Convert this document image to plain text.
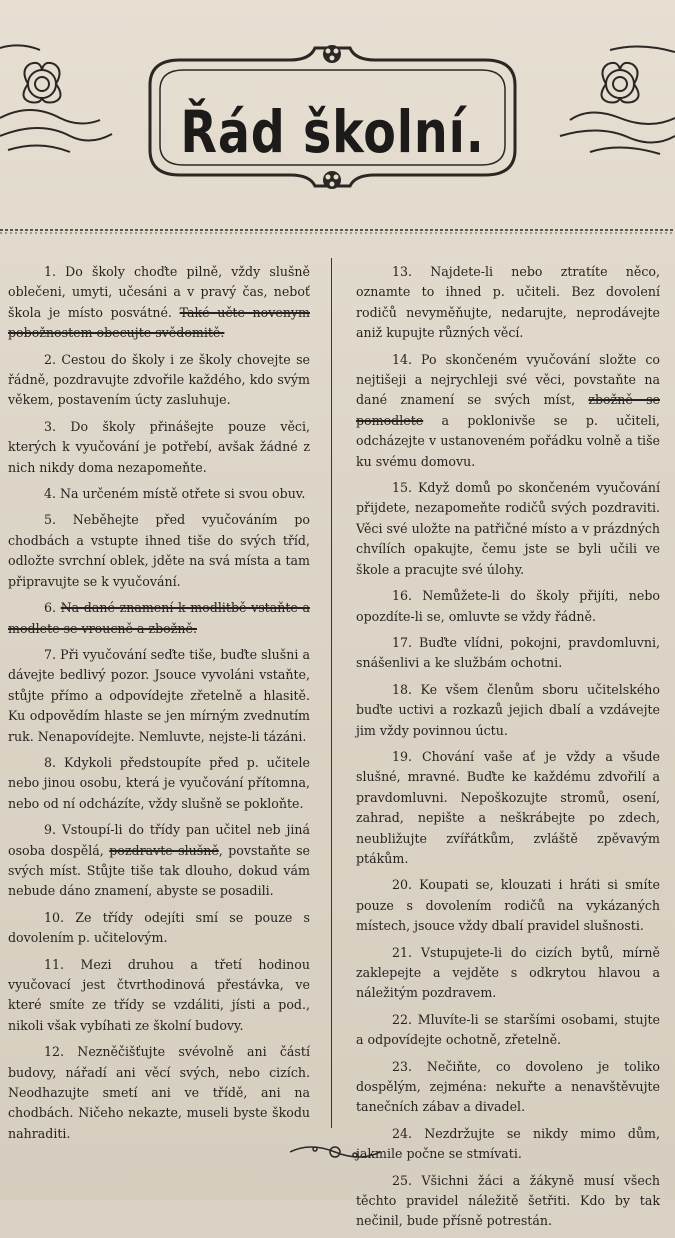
Řád školní.

1. Do školy choďte pilně, vždy slušně oblečeni, umyti, učesáni a v pravý čas, neboť škola je místo posvátné. Také učte novenym pobožnostem obecujte svědomitě.

2. Cestou do školy i ze školy chovejte se řádně, pozdravujte zdvořile každého, kdo svým věkem, postavením úcty zasluhuje.

3. Do školy přinášejte pouze věci, kterých k vyučování je potřebí, avšak žádné z nich nikdy doma nezapomeňte.

4. Na určeném místě otřete si svou obuv.

5. Neběhejte před vyučováním po chodbách a vstupte ihned tiše do svých tříd, odložte svrchní oblek, jděte na svá místa a tam připravujte se k vyučování.

6. Na dané znamení k modlitbě vstaňte a modlete se vroucně a zbožně.

7. Při vyučování seďte tiše, buďte slušni a dávejte bedlivý pozor. Jsouce vyvoláni vstaňte, stůjte přímo a odpovídejte zřetelně a hlasitě. Ku odpovědím hlaste se jen mírným zvednutím ruk. Nenapovídejte. Nemluvte, nejste-li tázáni.

8. Kdykoli předstoupíte před p. učitele nebo jinou osobu, která je vyučování přítomna, nebo od ní odcházíte, vždy slušně se pokloňte.

9. Vstoupí-li do třídy pan učitel neb jiná osoba dospělá, pozdravte slušně, povstaňte se svých míst. Stůjte tiše tak dlouho, dokud vám nebude dáno znamení, abyste se posadili.

10. Ze třídy odejíti smí se pouze s dovolením p. učitelovým.

11. Mezi druhou a třetí hodinou vyučovací jest čtvrthodinová přestávka, ve které smíte ze třídy se vzdáliti, jísti a pod., nikoli však vybíhati ze školní budovy.

12. Nezněčišťujte svévolně ani částí budovy, nářadí ani věcí svých, nebo cizích. Neodhazujte smetí ani ve třídě, ani na chodbách. Ničeho nekazte, museli byste škodu nahraditi.

13. Najdete-li nebo ztratíte něco, oznamte to ihned p. učiteli. Bez dovolení rodičů nevyměňujte, nedarujte, neprodávejte aniž kupujte různých věcí.

14. Po skončeném vyučování složte co nejtišeji a nejrychleji své věci, povstaňte na dané znamení se svých míst, zbožně se pomodlete a poklonivše se p. učiteli, odcházejte v ustanoveném pořádku volně a tiše ku svému domovu.

15. Když domů po skončeném vyučování přijdete, nezapomeňte rodičů svých pozdraviti. Věci své uložte na patřičné místo a v prázdných chvílích opakujte, čemu jste se byli učili ve škole a pracujte své úlohy.

16. Nemůžete-li do školy přijíti, nebo opozdíte-li se, omluvte se vždy řádně.

17. Buďte vlídni, pokojni, pravdomluvni, snášenlivi a ke službám ochotni.

18. Ke všem členům sboru učitelského buďte uctivi a rozkazů jejich dbalí a vzdávejte jim vždy povinnou úctu.

19. Chování vaše ať je vždy a všude slušné, mravné. Buďte ke každému zdvořilí a pravdomluvni. Nepoškozujte stromů, osení, zahrad, nepište a neškrábejte po zdech, neubližujte zvířátkům, zvláště zpěvavým ptákům.

20. Koupati se, klouzati i hráti si smíte pouze s dovolením rodičů na vykázaných místech, jsouce vždy dbalí pravidel slušnosti.

21. Vstupujete-li do cizích bytů, mírně zaklepejte a vejděte s odkrytou hlavou a náležitým pozdravem.

22. Mluvíte-li se staršími osobami, stujte a odpovídejte ochotně, zřetelně.

23. Nečiňte, co dovoleno je toliko dospělým, zejména: nekuřte a nenavštěvujte tanečních zábav a divadel.

24. Nezdržujte se nikdy mimo dům, jakmile počne se stmívati.

25. Všichni žáci a žákyně musí všech těchto pravidel náležitě šetřiti. Kdo by tak nečinil, bude přísně potrestán.
